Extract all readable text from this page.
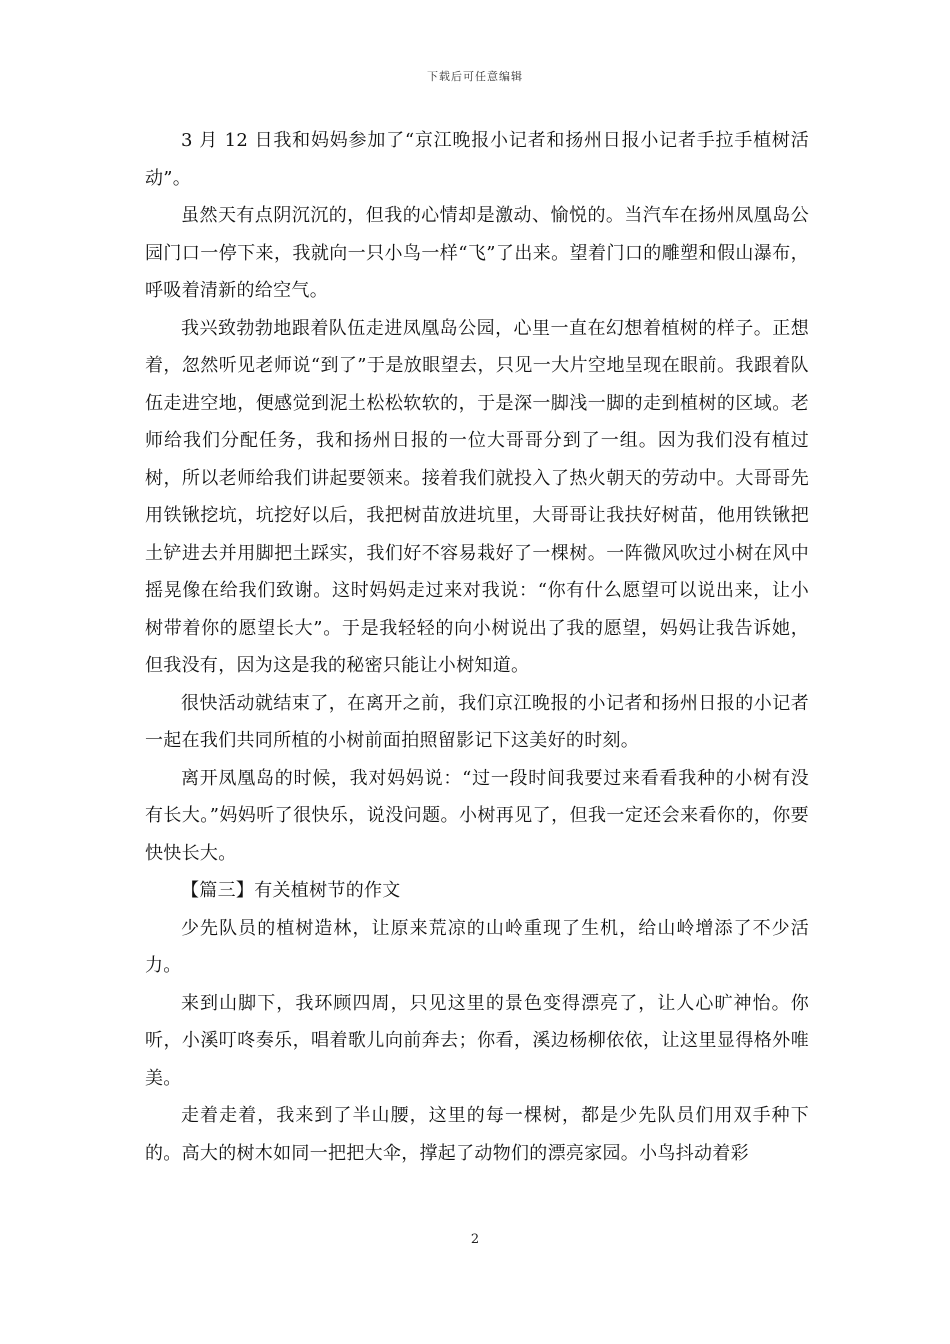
下载后可任意编辑

3 月 12 日我和妈妈参加了“京江晚报小记者和扬州日报小记者手拉手植树活动”。

虽然天有点阴沉沉的，但我的心情却是激动、愉悦的。当汽车在扬州凤凰岛公园门口一停下来，我就向一只小鸟一样“飞”了出来。望着门口的雕塑和假山瀑布，呼吸着清新的给空气。

我兴致勃勃地跟着队伍走进凤凰岛公园，心里一直在幻想着植树的样子。正想着，忽然听见老师说“到了”于是放眼望去，只见一大片空地呈现在眼前。我跟着队伍走进空地，便感觉到泥土松松软软的，于是深一脚浅一脚的走到植树的区域。老师给我们分配任务，我和扬州日报的一位大哥哥分到了一组。因为我们没有植过树，所以老师给我们讲起要领来。接着我们就投入了热火朝天的劳动中。大哥哥先用铁锹挖坑，坑挖好以后，我把树苗放进坑里，大哥哥让我扶好树苗，他用铁锹把土铲进去并用脚把土踩实，我们好不容易栽好了一棵树。一阵微风吹过小树在风中摇晃像在给我们致谢。这时妈妈走过来对我说：“你有什么愿望可以说出来，让小树带着你的愿望长大”。于是我轻轻的向小树说出了我的愿望，妈妈让我告诉她，但我没有，因为这是我的秘密只能让小树知道。

很快活动就结束了，在离开之前，我们京江晚报的小记者和扬州日报的小记者一起在我们共同所植的小树前面拍照留影记下这美好的时刻。

离开凤凰岛的时候，我对妈妈说：“过一段时间我要过来看看我种的小树有没有长大。”妈妈听了很快乐，说没问题。小树再见了，但我一定还会来看你的，你要快快长大。

【篇三】有关植树节的作文

少先队员的植树造林，让原来荒凉的山岭重现了生机，给山岭增添了不少活力。

来到山脚下，我环顾四周，只见这里的景色变得漂亮了，让人心旷神怡。你听，小溪叮咚奏乐，唱着歌儿向前奔去；你看，溪边杨柳依依，让这里显得格外唯美。

走着走着，我来到了半山腰，这里的每一棵树，都是少先队员们用双手种下的。高大的树木如同一把把大伞，撑起了动物们的漂亮家园。小鸟抖动着彩

2
